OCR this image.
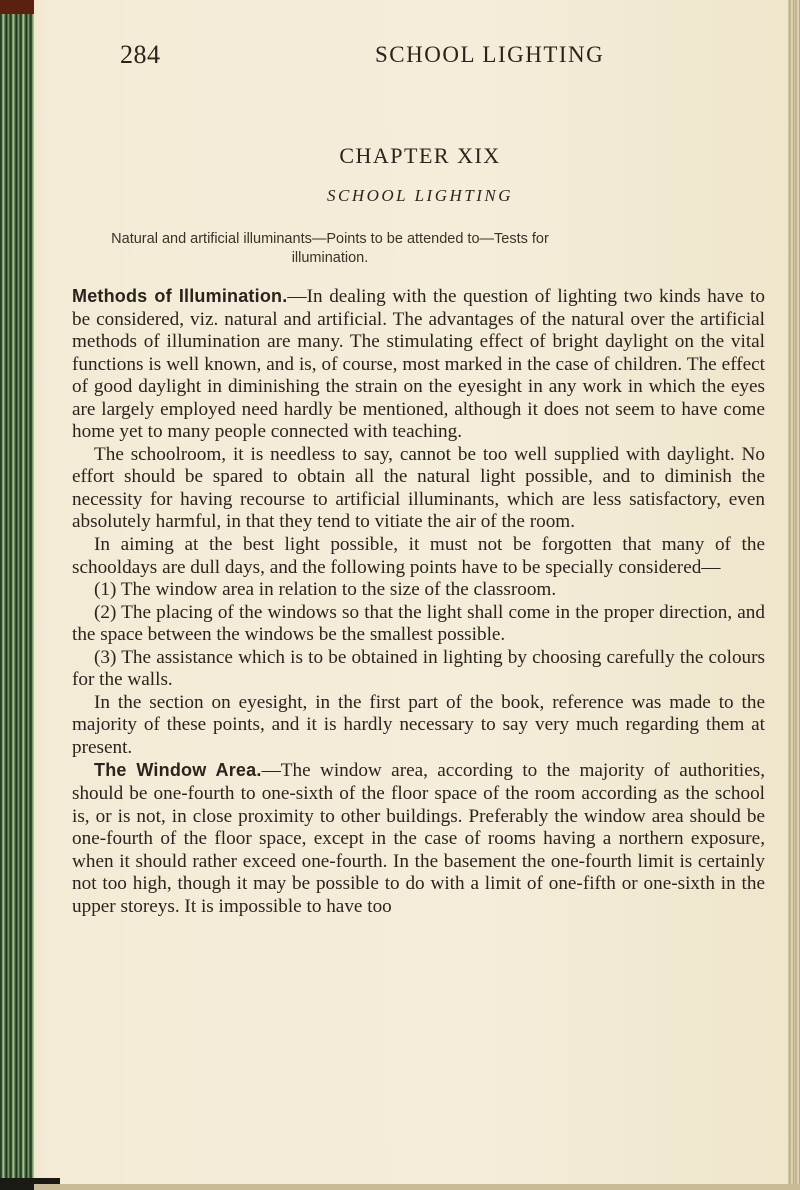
284	SCHOOL LIGHTING
CHAPTER XIX
SCHOOL LIGHTING
Natural and artificial illuminants—Points to be attended to—Tests for illumination.

Methods of Illumination.—In dealing with the question of lighting two kinds have to be considered, viz. natural and artificial. The advantages of the natural over the artificial methods of illumination are many. The stimulating effect of bright daylight on the vital functions is well known, and is, of course, most marked in the case of children. The effect of good daylight in diminishing the strain on the eyesight in any work in which the eyes are largely employed need hardly be mentioned, although it does not seem to have come home yet to many people connected with teaching.

The schoolroom, it is needless to say, cannot be too well supplied with daylight. No effort should be spared to obtain all the natural light possible, and to diminish the necessity for having recourse to artificial illuminants, which are less satisfactory, even absolutely harmful, in that they tend to vitiate the air of the room.

In aiming at the best light possible, it must not be forgotten that many of the schooldays are dull days, and the following points have to be specially considered—

(1) The window area in relation to the size of the classroom.

(2) The placing of the windows so that the light shall come in the proper direction, and the space between the windows be the smallest possible.

(3) The assistance which is to be obtained in lighting by choosing carefully the colours for the walls.

In the section on eyesight, in the first part of the book, reference was made to the majority of these points, and it is hardly necessary to say very much regarding them at present.

The Window Area.—The window area, according to the majority of authorities, should be one-fourth to one-sixth of the floor space of the room according as the school is, or is not, in close proximity to other buildings. Preferably the window area should be one-fourth of the floor space, except in the case of rooms having a northern exposure, when it should rather exceed one-fourth. In the basement the one-fourth limit is certainly not too high, though it may be possible to do with a limit of one-fifth or one-sixth in the upper storeys. It is impossible to have too
